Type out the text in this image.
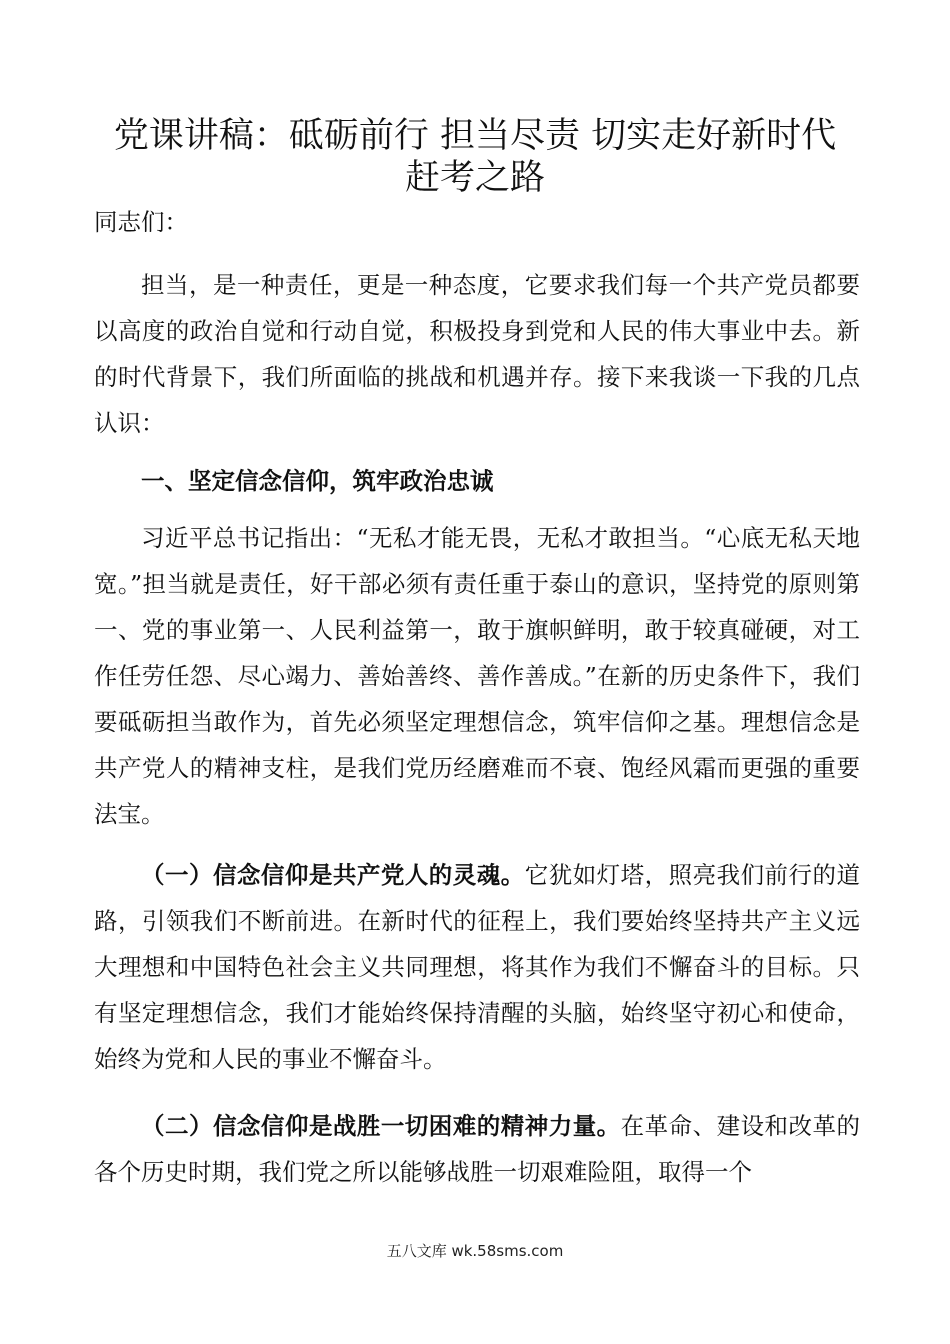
党课讲稿：砥砺前行 担当尽责 切实走好新时代
赶考之路

同志们：

担当，是一种责任，更是一种态度，它要求我们每一个共产党员都要以高度的政治自觉和行动自觉，积极投身到党和人民的伟大事业中去。新的时代背景下，我们所面临的挑战和机遇并存。接下来我谈一下我的几点认识：

一、坚定信念信仰，筑牢政治忠诚

习近平总书记指出：“无私才能无畏，无私才敢担当。“心底无私天地宽。”担当就是责任，好干部必须有责任重于泰山的意识，坚持党的原则第一、党的事业第一、人民利益第一，敢于旗帜鲜明，敢于较真碰硬，对工作任劳任怨、尽心竭力、善始善终、善作善成。”在新的历史条件下，我们要砥砺担当敢作为，首先必须坚定理想信念，筑牢信仰之基。理想信念是共产党人的精神支柱，是我们党历经磨难而不衰、饱经风霜而更强的重要法宝。

（一）信念信仰是共产党人的灵魂。它犹如灯塔，照亮我们前行的道路，引领我们不断前进。在新时代的征程上，我们要始终坚持共产主义远大理想和中国特色社会主义共同理想，将其作为我们不懈奋斗的目标。只有坚定理想信念，我们才能始终保持清醒的头脑，始终坚守初心和使命，始终为党和人民的事业不懈奋斗。

（二）信念信仰是战胜一切困难的精神力量。在革命、建设和改革的各个历史时期，我们党之所以能够战胜一切艰难险阻，取得一个

五八文库 wk.58sms.com
